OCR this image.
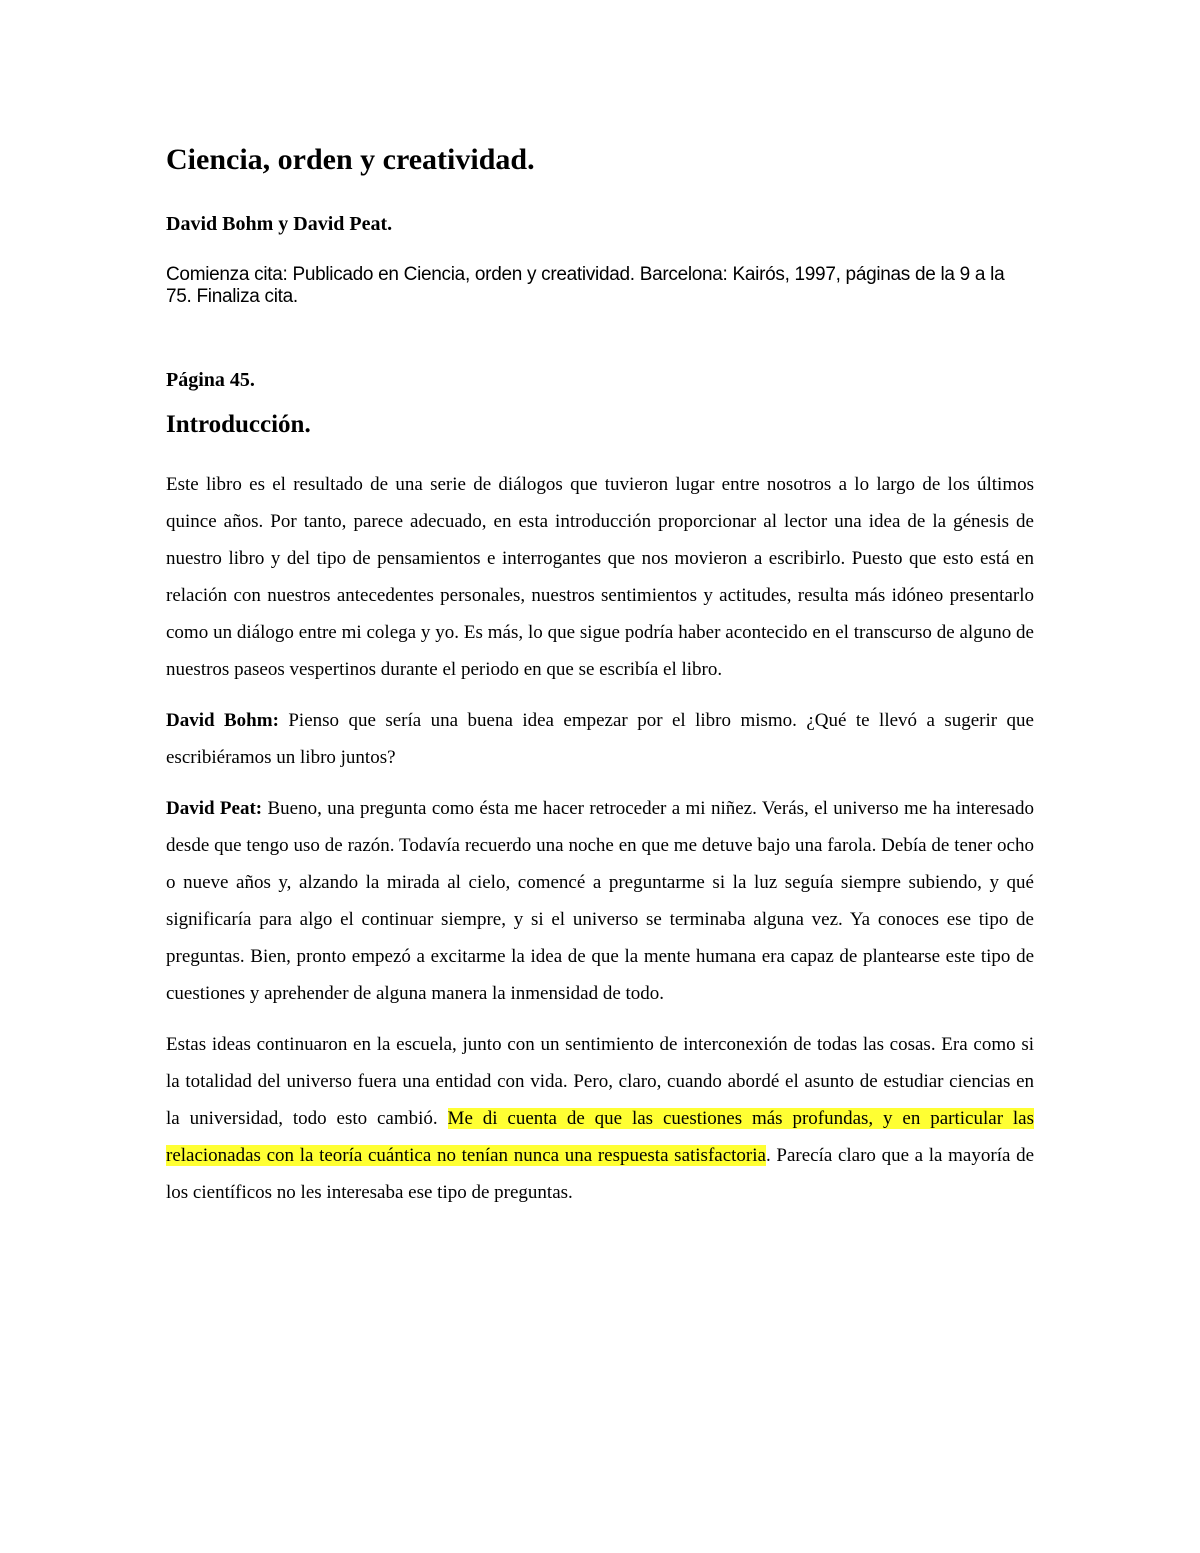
Ciencia, orden y creatividad.

David Bohm y David Peat.

Comienza cita: Publicado en Ciencia, orden y creatividad. Barcelona: Kairós, 1997, páginas de la 9 a la 75. Finaliza cita.

Página 45.

Introducción.

Este libro es el resultado de una serie de diálogos que tuvieron lugar entre nosotros a lo largo de los últimos quince años. Por tanto, parece adecuado, en esta introducción proporcionar al lector una idea de la génesis de nuestro libro y del tipo de pensamientos e interrogantes que nos movieron a escribirlo. Puesto que esto está en relación con nuestros antecedentes personales, nuestros sentimientos y actitudes, resulta más idóneo presentarlo como un diálogo entre mi colega y yo. Es más, lo que sigue podría haber acontecido en el transcurso de alguno de nuestros paseos vespertinos durante el periodo en que se escribía el libro.

David Bohm: Pienso que sería una buena idea empezar por el libro mismo. ¿Qué te llevó a sugerir que escribiéramos un libro juntos?

David Peat: Bueno, una pregunta como ésta me hacer retroceder a mi niñez. Verás, el universo me ha interesado desde que tengo uso de razón. Todavía recuerdo una noche en que me detuve bajo una farola. Debía de tener ocho o nueve años y, alzando la mirada al cielo, comencé a preguntarme si la luz seguía siempre subiendo, y qué significaría para algo el continuar siempre, y si el universo se terminaba alguna vez. Ya conoces ese tipo de preguntas. Bien, pronto empezó a excitarme la idea de que la mente humana era capaz de plantearse este tipo de cuestiones y aprehender de alguna manera la inmensidad de todo.

Estas ideas continuaron en la escuela, junto con un sentimiento de interconexión de todas las cosas. Era como si la totalidad del universo fuera una entidad con vida. Pero, claro, cuando abordé el asunto de estudiar ciencias en la universidad, todo esto cambió. Me di cuenta de que las cuestiones más profundas, y en particular las relacionadas con la teoría cuántica no tenían nunca una respuesta satisfactoria. Parecía claro que a la mayoría de los científicos no les interesaba ese tipo de preguntas.
